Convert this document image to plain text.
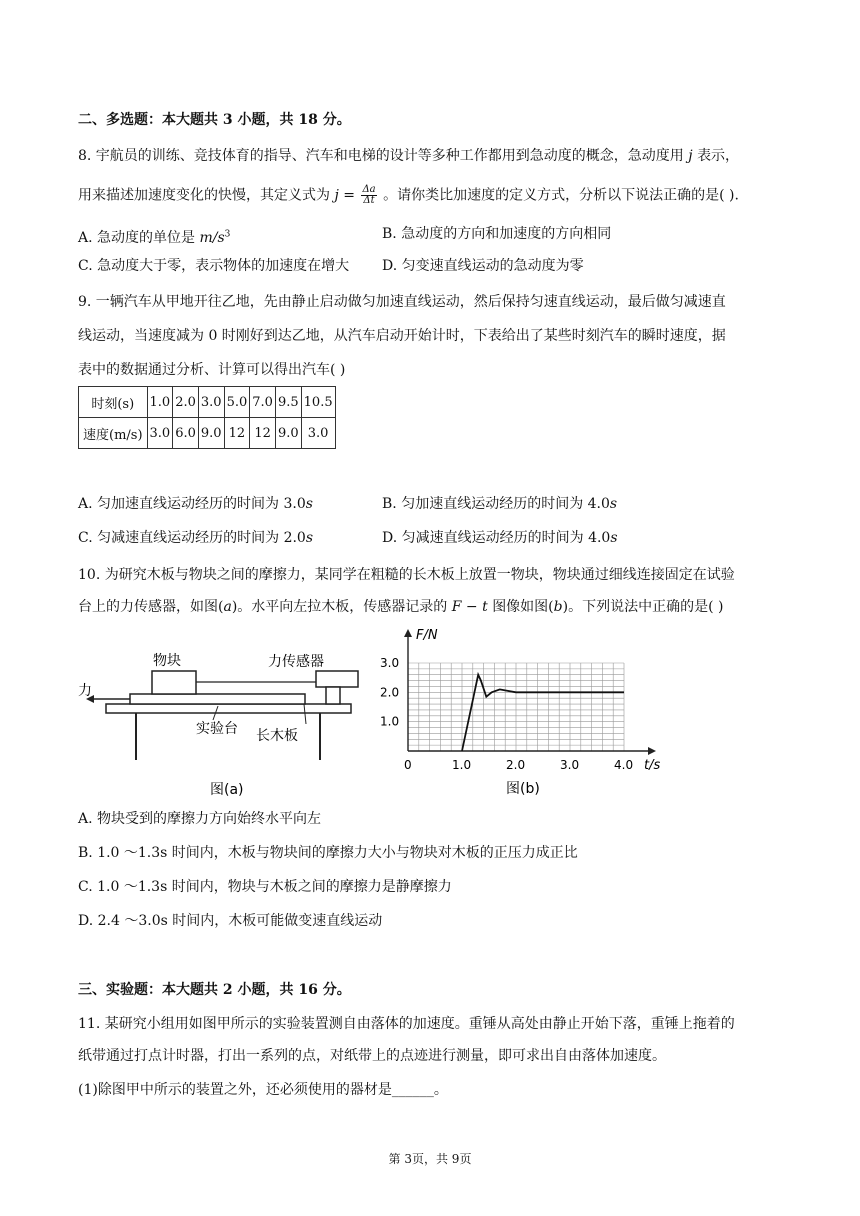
二、多选题：本大题共 3 小题，共 18 分。
8. 宇航员的训练、竞技体育的指导、汽车和电梯的设计等多种工作都用到急动度的概念，急动度用 j 表示，
用来描述加速度变化的快慢，其定义式为 $j = \frac{\Delta a}{\Delta t}$ 。请你类比加速度的定义方式，分析以下说法正确的是( ).
A. 急动度的单位是 $m/s^3$	B. 急动度的方向和加速度的方向相同
C. 急动度大于零，表示物体的加速度在增大 D. 匀变速直线运动的急动度为零
9. 一辆汽车从甲地开往乙地，先由静止启动做匀加速直线运动，然后保持匀速直线运动，最后做匀减速直
线运动，当速度减为 0 时刚好到达乙地，从汽车启动开始计时，下表给出了某些时刻汽车的瞬时速度，据
表中的数据通过分析、计算可以得出汽车( )
时刻(s)	1.0	2.0	3.0	5.0	7.0	9.5	10.5
速度(m/s)	3.0	6.0	9.0	12	12	9.0	3.0
A. 匀加速直线运动经历的时间为 3.0s	B. 匀加速直线运动经历的时间为 4.0s
C. 匀减速直线运动经历的时间为 2.0s	D. 匀减速直线运动经历的时间为 4.0s
10. 为研究木板与物块之间的摩擦力，某同学在粗糙的长木板上放置一物块，物块通过细线连接固定在试验
台上的力传感器，如图(a)。水平向左拉木板，传感器记录的 F − t 图像如图(b)。下列说法中正确的是( )
物块	力传感器
力
实验台 长木板
图(a)
0	1.0	2.0	3.0	4.0
1.0
2.0
3.0
F/N
t/s
图(b)
A. 物块受到的摩擦力方向始终水平向左
B. 1.0 ～1.3s 时间内，木板与物块间的摩擦力大小与物块对木板的正压力成正比
C. 1.0 ～1.3s 时间内，物块与木板之间的摩擦力是静摩擦力
D. 2.4 ～3.0s 时间内，木板可能做变速直线运动
三、实验题：本大题共 2 小题，共 16 分。
11. 某研究小组用如图甲所示的实验装置测自由落体的加速度。重锤从高处由静止开始下落，重锤上拖着的
纸带通过打点计时器，打出一系列的点，对纸带上的点迹进行测量，即可求出自由落体加速度。
(1)除图甲中所示的装置之外，还必须使用的器材是______。
第 3页，共 9页
